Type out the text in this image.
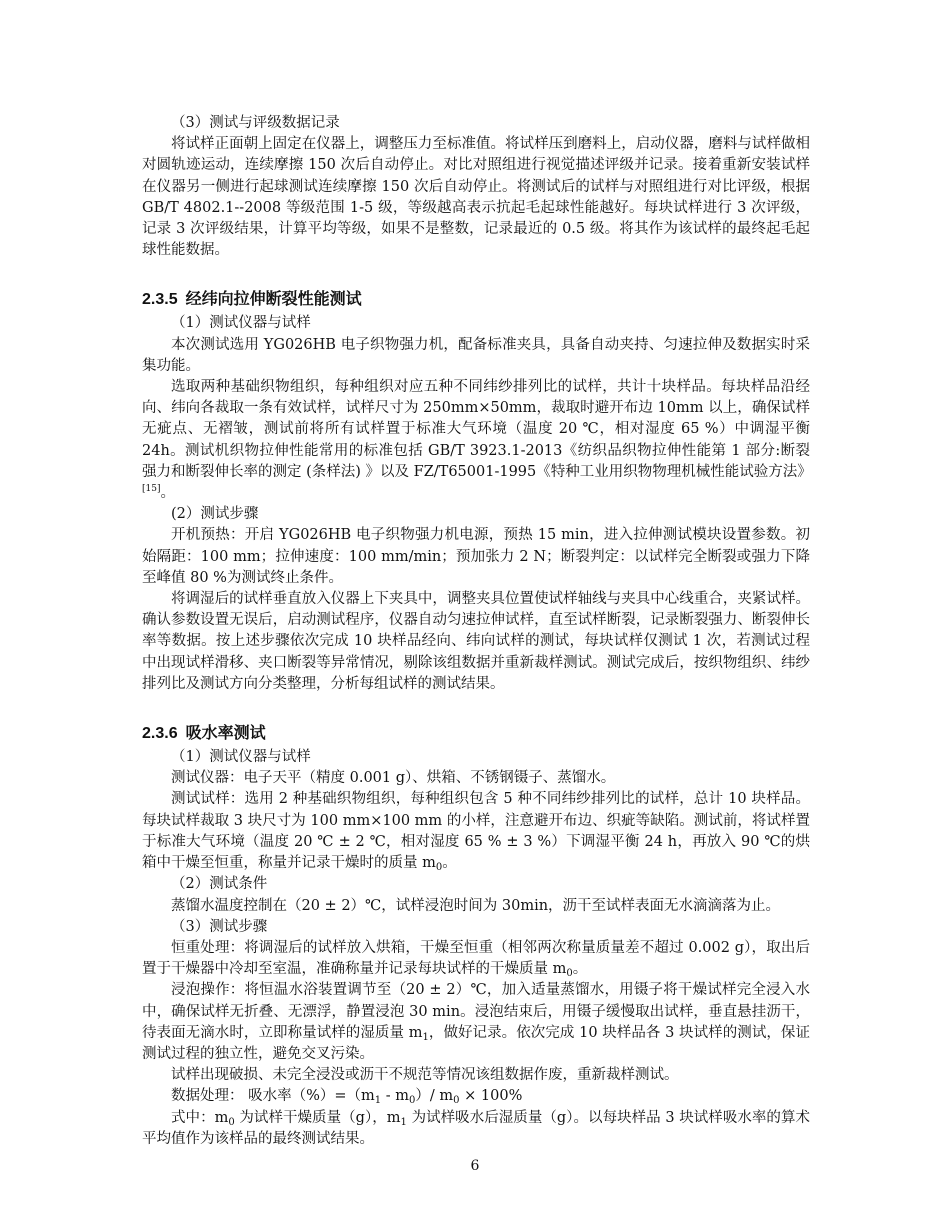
（3）测试与评级数据记录

将试样正面朝上固定在仪器上，调整压力至标准值。将试样压到磨料上，启动仪器，磨料与试样做相对圆轨迹运动，连续摩擦 150 次后自动停止。对比对照组进行视觉描述评级并记录。接着重新安装试样在仪器另一侧进行起球测试连续摩擦 150 次后自动停止。将测试后的试样与对照组进行对比评级，根据 GB/T 4802.1--2008 等级范围 1-5 级，等级越高表示抗起毛起球性能越好。每块试样进行 3 次评级，记录 3 次评级结果，计算平均等级，如果不是整数，记录最近的 0.5 级。将其作为该试样的最终起毛起球性能数据。

2.3.5 经纬向拉伸断裂性能测试

（1）测试仪器与试样

本次测试选用 YG026HB 电子织物强力机，配备标准夹具，具备自动夹持、匀速拉伸及数据实时采集功能。

选取两种基础织物组织，每种组织对应五种不同纬纱排列比的试样，共计十块样品。每块样品沿经向、纬向各裁取一条有效试样，试样尺寸为 250mm×50mm，裁取时避开布边 10mm 以上，确保试样无疵点、无褶皱，测试前将所有试样置于标准大气环境（温度 20 ℃，相对湿度 65 %）中调湿平衡 24h。测试机织物拉伸性能常用的标准包括 GB/T 3923.1-2013《纺织品织物拉伸性能第 1 部分:断裂强力和断裂伸长率的测定 (条样法) 》以及 FZ/T65001-1995《特种工业用织物物理机械性能试验方法》[15]。

(2）测试步骤

开机预热：开启 YG026HB 电子织物强力机电源，预热 15 min，进入拉伸测试模块设置参数。初始隔距：100 mm；拉伸速度：100 mm/min；预加张力 2 N；断裂判定：以试样完全断裂或强力下降至峰值 80 %为测试终止条件。

将调湿后的试样垂直放入仪器上下夹具中，调整夹具位置使试样轴线与夹具中心线重合，夹紧试样。确认参数设置无误后，启动测试程序，仪器自动匀速拉伸试样，直至试样断裂，记录断裂强力、断裂伸长率等数据。按上述步骤依次完成 10 块样品经向、纬向试样的测试，每块试样仅测试 1 次，若测试过程中出现试样滑移、夹口断裂等异常情况，剔除该组数据并重新裁样测试。测试完成后，按织物组织、纬纱排列比及测试方向分类整理，分析每组试样的测试结果。

2.3.6 吸水率测试

（1）测试仪器与试样

测试仪器：电子天平（精度 0.001 g）、烘箱、不锈钢镊子、蒸馏水。

测试试样：选用 2 种基础织物组织，每种组织包含 5 种不同纬纱排列比的试样，总计 10 块样品。每块试样裁取 3 块尺寸为 100 mm×100 mm 的小样，注意避开布边、织疵等缺陷。测试前，将试样置于标准大气环境（温度 20 ℃ ± 2 ℃，相对湿度 65 % ± 3 %）下调湿平衡 24 h，再放入 90 ℃的烘箱中干燥至恒重，称量并记录干燥时的质量 $m_0$。

（2）测试条件

蒸馏水温度控制在（20 ± 2）℃，试样浸泡时间为 30min，沥干至试样表面无水滴滴落为止。

（3）测试步骤

恒重处理：将调湿后的试样放入烘箱，干燥至恒重（相邻两次称量质量差不超过 0.002 g），取出后置于干燥器中冷却至室温，准确称量并记录每块试样的干燥质量 $m_0$。

浸泡操作：将恒温水浴装置调节至（20 ± 2）℃，加入适量蒸馏水，用镊子将干燥试样完全浸入水中，确保试样无折叠、无漂浮，静置浸泡 30 min。浸泡结束后，用镊子缓慢取出试样，垂直悬挂沥干，待表面无滴水时，立即称量试样的湿质量 $m_1$，做好记录。依次完成 10 块样品各 3 块试样的测试，保证测试过程的独立性，避免交叉污染。

试样出现破损、未完全浸没或沥干不规范等情况该组数据作废，重新裁样测试。

数据处理： 吸水率$(\%)=(m_1 - m_0)/$ $m_0 \times 100\%$

式中：$m_0$ 为试样干燥质量（g），$m_1$ 为试样吸水后湿质量（g）。以每块样品 3 块试样吸水率的算术平均值作为该样品的最终测试结果。

6
